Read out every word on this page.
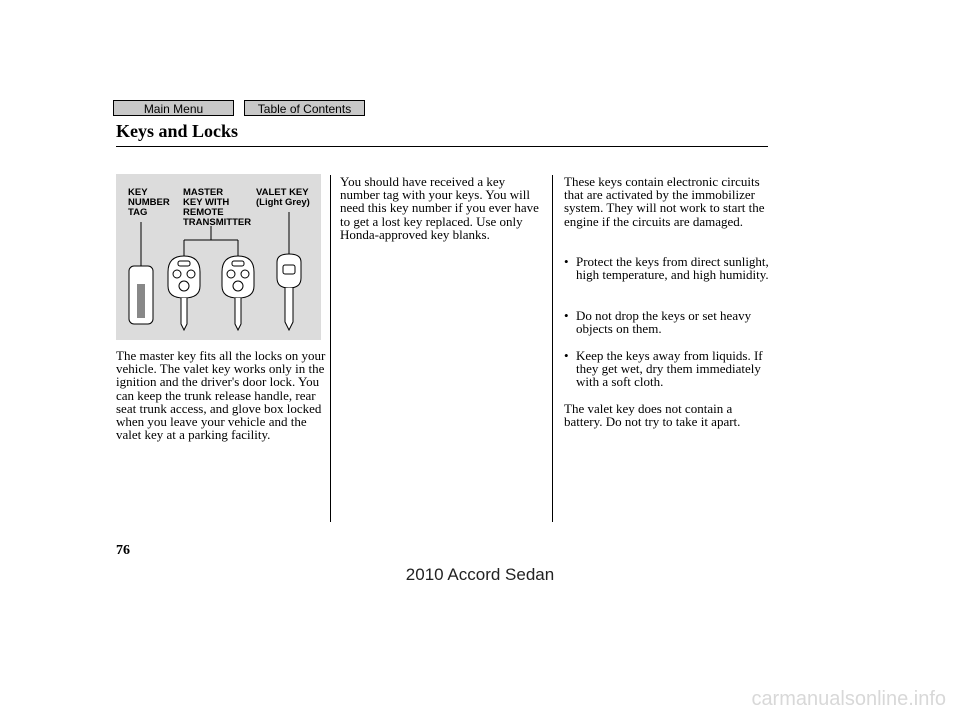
Main Menu	Table of Contents
Keys and Locks
KEY
NUMBER
TAG
MASTER
KEY WITH
REMOTE
TRANSMITTER
VALET KEY
(Light Grey)
The master key fits all the locks on your vehicle. The valet key works only in the ignition and the driver's door lock. You can keep the trunk release handle, rear seat trunk access, and glove box locked when you leave your vehicle and the valet key at a parking facility.
You should have received a key number tag with your keys. You will need this key number if you ever have to get a lost key replaced. Use only Honda-approved key blanks.
These keys contain electronic circuits that are activated by the immobilizer system. They will not work to start the engine if the circuits are damaged.
• Protect the keys from direct sunlight, high temperature, and high humidity.
• Do not drop the keys or set heavy objects on them.
• Keep the keys away from liquids. If they get wet, dry them immediately with a soft cloth.
The valet key does not contain a battery. Do not try to take it apart.
76
2010 Accord Sedan
carmanualsonline.info
